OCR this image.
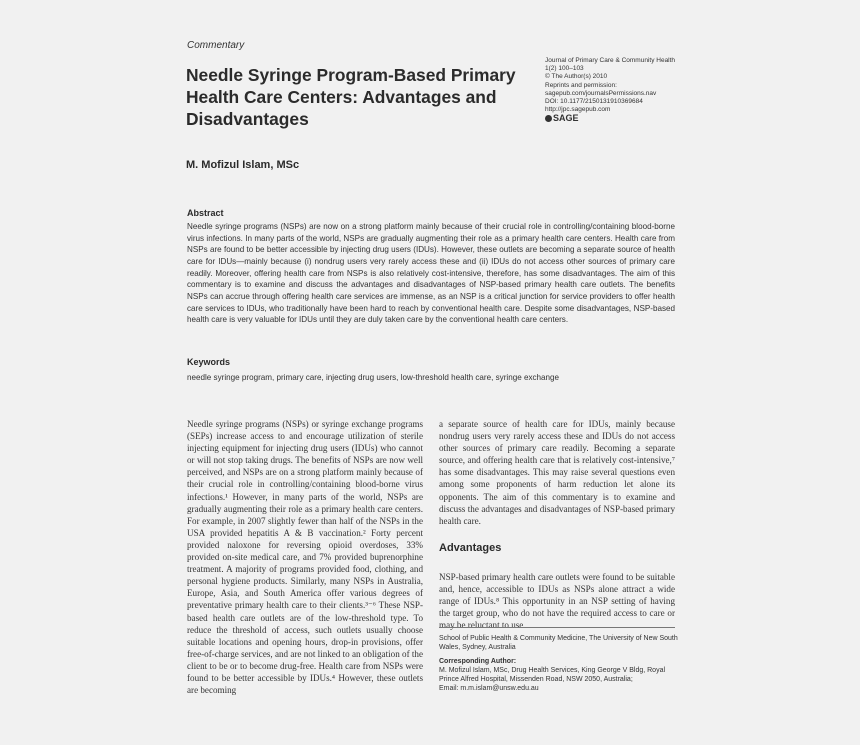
Commentary
Needle Syringe Program-Based Primary Health Care Centers: Advantages and Disadvantages
Journal of Primary Care & Community Health
1(2) 100–103
© The Author(s) 2010
Reprints and permission:
sagepub.com/journalsPermissions.nav
DOI: 10.1177/2150131910369684
http://jpc.sagepub.com
SAGE
M. Mofizul Islam, MSc
Abstract
Needle syringe programs (NSPs) are now on a strong platform mainly because of their crucial role in controlling/containing blood-borne virus infections. In many parts of the world, NSPs are gradually augmenting their role as a primary health care centers. Health care from NSPs are found to be better accessible by injecting drug users (IDUs). However, these outlets are becoming a separate source of health care for IDUs—mainly because (i) nondrug users very rarely access these and (ii) IDUs do not access other sources of primary care readily. Moreover, offering health care from NSPs is also relatively cost-intensive, therefore, has some disadvantages. The aim of this commentary is to examine and discuss the advantages and disadvantages of NSP-based primary health care outlets. The benefits NSPs can accrue through offering health care services are immense, as an NSP is a critical junction for service providers to offer health care services to IDUs, who traditionally have been hard to reach by conventional health care. Despite some disadvantages, NSP-based health care is very valuable for IDUs until they are duly taken care by the conventional health care centers.
Keywords
needle syringe program, primary care, injecting drug users, low-threshold health care, syringe exchange

Needle syringe programs (NSPs) or syringe exchange programs (SEPs) increase access to and encourage utilization of sterile injecting equipment for injecting drug users (IDUs) who cannot or will not stop taking drugs. The benefits of NSPs are now well perceived, and NSPs are on a strong platform mainly because of their crucial role in controlling/containing blood-borne virus infections.¹ However, in many parts of the world, NSPs are gradually augmenting their role as a primary health care centers. For example, in 2007 slightly fewer than half of the NSPs in the USA provided hepatitis A & B vaccination.² Forty percent provided naloxone for reversing opioid overdoses, 33% provided on-site medical care, and 7% provided buprenorphine treatment. A majority of programs provided food, clothing, and personal hygiene products. Similarly, many NSPs in Australia, Europe, Asia, and South America offer various degrees of preventative primary health care to their clients.³⁻⁶ These NSP-based health care outlets are of the low-threshold type. To reduce the threshold of access, such outlets usually choose suitable locations and opening hours, drop-in provisions, offer free-of-charge services, and are not linked to an obligation of the client to be or to become drug-free. Health care from NSPs were found to be better accessible by IDUs.⁴ However, these outlets are becoming

a separate source of health care for IDUs, mainly because nondrug users very rarely access these and IDUs do not access other sources of primary care readily. Becoming a separate source, and offering health care that is relatively cost-intensive,⁷ has some disadvantages. This may raise several questions even among some proponents of harm reduction let alone its opponents. The aim of this commentary is to examine and discuss the advantages and disadvantages of NSP-based primary health care.

Advantages

NSP-based primary health care outlets were found to be suitable and, hence, accessible to IDUs as NSPs alone attract a wide range of IDUs.⁸ This opportunity in an NSP setting of having the target group, who do not have the required access to care or may be reluctant to use

School of Public Health & Community Medicine, The University of New South Wales, Sydney, Australia

Corresponding Author:

M. Mofizul Islam, MSc, Drug Health Services, King George V Bldg, Royal Prince Alfred Hospital, Missenden Road, NSW 2050, Australia;

Email: m.m.islam@unsw.edu.au
